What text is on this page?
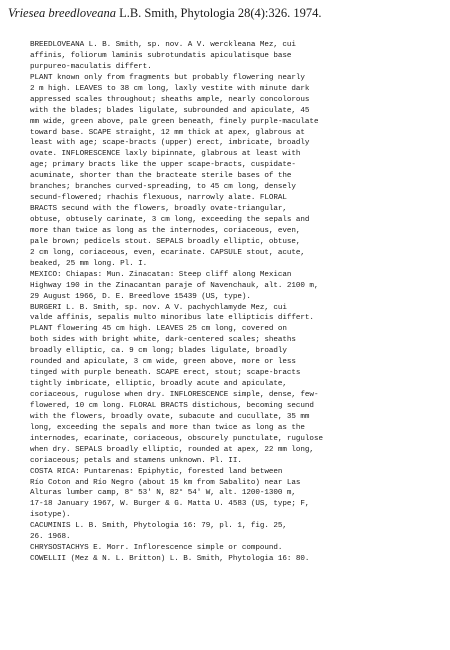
Vriesea breedloveana L.B. Smith, Phytologia 28(4):326. 1974.
BREEDLOVEANA L. B. Smith, sp. nov. A V. werckleana Mez, cui
affinis, foliorum laminis subrotundatis apiculatisque base
purpureo-maculatis differt.
PLANT known only from fragments but probably flowering nearly
2 m high. LEAVES to 38 cm long, laxly vestite with minute dark
appressed scales throughout; sheaths ample, nearly concolorous
with the blades; blades ligulate, subrounded and apiculate, 45
mm wide, green above, pale green beneath, finely purple-maculate
toward base. SCAPE straight, 12 mm thick at apex, glabrous at
least with age; scape-bracts (upper) erect, imbricate, broadly
ovate. INFLORESCENCE laxly bipinnate, glabrous at least with
age; primary bracts like the upper scape-bracts, cuspidate-
acuminate, shorter than the bracteate sterile bases of the
branches; branches curved-spreading, to 45 cm long, densely
secund-flowered; rhachis flexuous, narrowly alate. FLORAL
BRACTS secund with the flowers, broadly ovate-triangular,
obtuse, obtusely carinate, 3 cm long, exceeding the sepals and
more than twice as long as the internodes, coriaceous, even,
pale brown; pedicels stout. SEPALS broadly elliptic, obtuse,
2 cm long, coriaceous, even, ecarinate. CAPSULE stout, acute,
beaked, 25 mm long. Pl. I.
MEXICO: Chiapas: Mun. Zinacatan: Steep cliff along Mexican
Highway 190 in the Zinacantan paraje of Navenchauk, alt. 2100 m,
29 August 1966, D. E. Breedlove 15439 (US, type).
BURGERI L. B. Smith, sp. nov. A V. pachychlamyde Mez, cui
valde affinis, sepalis multo minoribus late ellipticis differt.
PLANT flowering 45 cm high. LEAVES 25 cm long, covered on
both sides with bright white, dark-centered scales; sheaths
broadly elliptic, ca. 9 cm long; blades ligulate, broadly
rounded and apiculate, 3 cm wide, green above, more or less
tinged with purple beneath. SCAPE erect, stout; scape-bracts
tightly imbricate, elliptic, broadly acute and apiculate,
coriaceous, rugulose when dry. INFLORESCENCE simple, dense, few-
flowered, 10 cm long. FLORAL BRACTS distichous, becoming secund
with the flowers, broadly ovate, subacute and cucullate, 35 mm
long, exceeding the sepals and more than twice as long as the
internodes, ecarinate, coriaceous, obscurely punctulate, rugulose
when dry. SEPALS broadly elliptic, rounded at apex, 22 mm long,
coriaceous; petals and stamens unknown. Pl. II.
COSTA RICA: Puntarenas: Epiphytic, forested land between
Río Coton and Río Negro (about 15 km from Sabalito) near Las
Alturas lumber camp, 8° 53' N, 82° 54' W, alt. 1200-1300 m,
17-18 January 1967, W. Burger & G. Matta U. 4583 (US, type; F,
isotype).
CACUMINIS L. B. Smith, Phytologia 16: 79, pl. 1, fig. 25,
26. 1968.
CHRYSOSTACHYS E. Morr. Inflorescence simple or compound.
COWELLII (Mez & N. L. Britton) L. B. Smith, Phytologia 16: 80.
